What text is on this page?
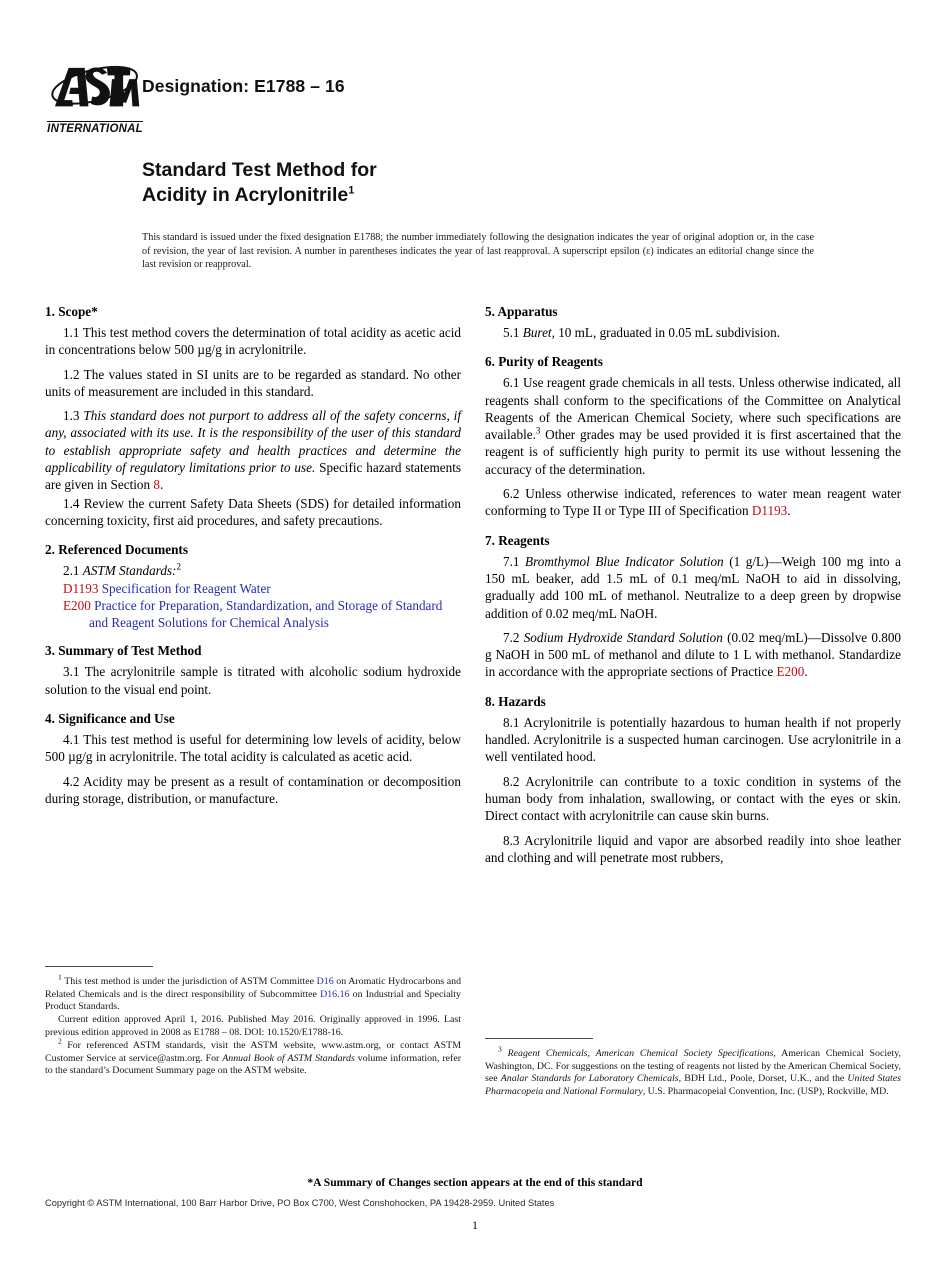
INTERNATIONAL
Designation: E1788 – 16
Standard Test Method for
Acidity in Acrylonitrile$^1$
This standard is issued under the fixed designation E1788; the number immediately following the designation indicates the year of original adoption or, in the case of revision, the year of last revision. A number in parentheses indicates the year of last reapproval. A superscript epsilon (ε) indicates an editorial change since the last revision or reapproval.
1. Scope*

1.1 This test method covers the determination of total acidity as acetic acid in concentrations below 500 µg/g in acrylonitrile.

1.2 The values stated in SI units are to be regarded as standard. No other units of measurement are included in this standard.

1.3 This standard does not purport to address all of the safety concerns, if any, associated with its use. It is the responsibility of the user of this standard to establish appropriate safety and health practices and determine the applicability of regulatory limitations prior to use. Specific hazard statements are given in Section 8.

1.4 Review the current Safety Data Sheets (SDS) for detailed information concerning toxicity, first aid procedures, and safety precautions.

2. Referenced Documents

2.1 ASTM Standards:$^2$

D1193 Specification for Reagent Water
E200 Practice for Preparation, Standardization, and Storage of Standard and Reagent Solutions for Chemical Analysis
3. Summary of Test Method

3.1 The acrylonitrile sample is titrated with alcoholic sodium hydroxide solution to the visual end point.

4. Significance and Use

4.1 This test method is useful for determining low levels of acidity, below 500 µg/g in acrylonitrile. The total acidity is calculated as acetic acid.

4.2 Acidity may be present as a result of contamination or decomposition during storage, distribution, or manufacture.

5. Apparatus

5.1 Buret, 10 mL, graduated in 0.05 mL subdivision.

6. Purity of Reagents

6.1 Use reagent grade chemicals in all tests. Unless otherwise indicated, all reagents shall conform to the specifications of the Committee on Analytical Reagents of the American Chemical Society, where such specifications are available.$^3$ Other grades may be used provided it is first ascertained that the reagent is of sufficiently high purity to permit its use without lessening the accuracy of the determination.

6.2 Unless otherwise indicated, references to water mean reagent water conforming to Type II or Type III of Specification D1193.

7. Reagents

7.1 Bromthymol Blue Indicator Solution (1 g/L)—Weigh 100 mg into a 150 mL beaker, add 1.5 mL of 0.1 meq/mL NaOH to aid in dissolving, gradually add 100 mL of methanol. Neutralize to a deep green by dropwise addition of 0.02 meq/mL NaOH.

7.2 Sodium Hydroxide Standard Solution (0.02 meq/mL)—Dissolve 0.800 g NaOH in 500 mL of methanol and dilute to 1 L with methanol. Standardize in accordance with the appropriate sections of Practice E200.

8. Hazards

8.1 Acrylonitrile is potentially hazardous to human health if not properly handled. Acrylonitrile is a suspected human carcinogen. Use acrylonitrile in a well ventilated hood.

8.2 Acrylonitrile can contribute to a toxic condition in systems of the human body from inhalation, swallowing, or contact with the eyes or skin. Direct contact with acrylonitrile can cause skin burns.

8.3 Acrylonitrile liquid and vapor are absorbed readily into shoe leather and clothing and will penetrate most rubbers,

$^1$ This test method is under the jurisdiction of ASTM Committee D16 on Aromatic Hydrocarbons and Related Chemicals and is the direct responsibility of Subcommittee D16.16 on Industrial and Specialty Product Standards.

Current edition approved April 1, 2016. Published May 2016. Originally approved in 1996. Last previous edition approved in 2008 as E1788 – 08. DOI: 10.1520/E1788-16.

$^2$ For referenced ASTM standards, visit the ASTM website, www.astm.org, or contact ASTM Customer Service at service@astm.org. For Annual Book of ASTM Standards volume information, refer to the standard’s Document Summary page on the ASTM website.

$^3$ Reagent Chemicals, American Chemical Society Specifications, American Chemical Society, Washington, DC. For suggestions on the testing of reagents not listed by the American Chemical Society, see Analar Standards for Laboratory Chemicals, BDH Ltd., Poole, Dorset, U.K., and the United States Pharmacopeia and National Formulary, U.S. Pharmacopeial Convention, Inc. (USP), Rockville, MD.

*A Summary of Changes section appears at the end of this standard
Copyright © ASTM International, 100 Barr Harbor Drive, PO Box C700, West Conshohocken, PA 19428-2959. United States
1
